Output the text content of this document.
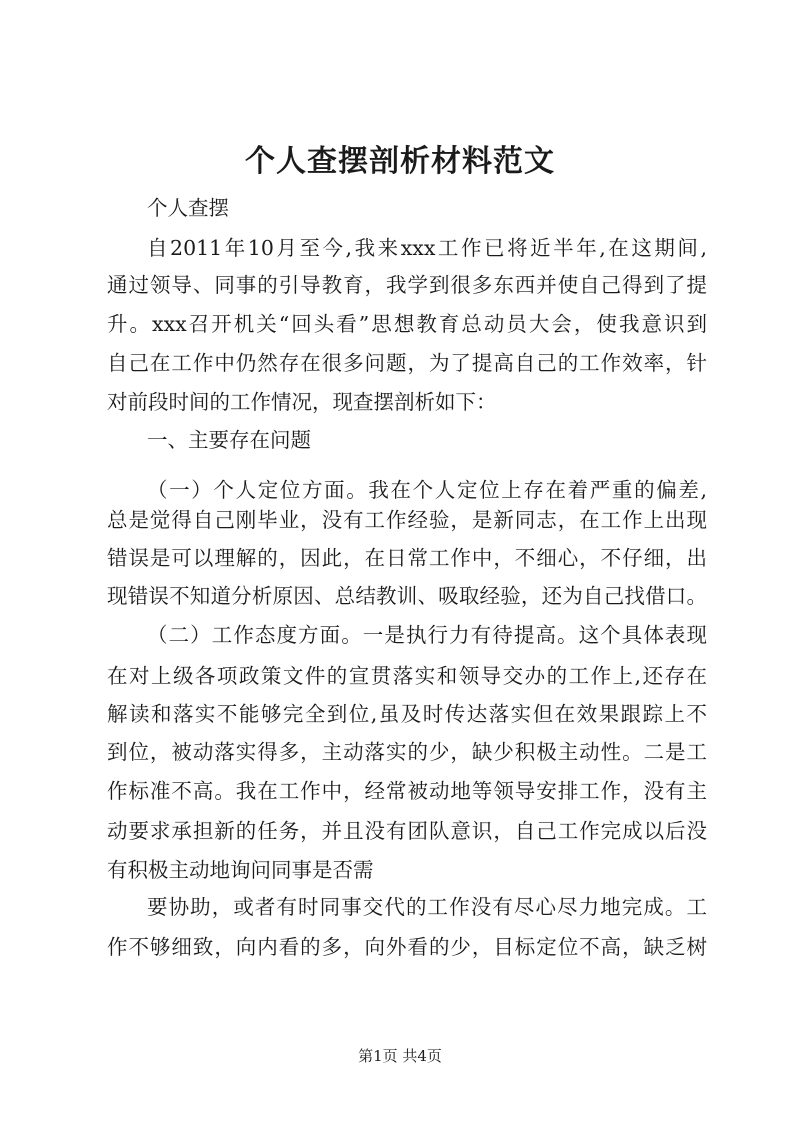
个人查摆剖析材料范文
个人查摆
自2011年10月至今,我来xxx工作已将近半年,在这期间,
通过领导、同事的引导教育，我学到很多东西并使自己得到了提
升。xxx召开机关“回头看”思想教育总动员大会，使我意识到
自己在工作中仍然存在很多问题，为了提高自己的工作效率，针
对前段时间的工作情况，现查摆剖析如下：
一、主要存在问题
（一）个人定位方面。我在个人定位上存在着严重的偏差,
总是觉得自己刚毕业，没有工作经验，是新同志，在工作上出现
错误是可以理解的，因此，在日常工作中，不细心，不仔细，出
现错误不知道分析原因、总结教训、吸取经验，还为自己找借口。
（二）工作态度方面。一是执行力有待提高。这个具体表现
在对上级各项政策文件的宣贯落实和领导交办的工作上,还存在
解读和落实不能够完全到位,虽及时传达落实但在效果跟踪上不
到位，被动落实得多，主动落实的少，缺少积极主动性。二是工
作标准不高。我在工作中，经常被动地等领导安排工作，没有主
动要求承担新的任务，并且没有团队意识，自己工作完成以后没
有积极主动地询问同事是否需
要协助，或者有时同事交代的工作没有尽心尽力地完成。工
作不够细致，向内看的多，向外看的少，目标定位不高，缺乏树
第1页 共4页
